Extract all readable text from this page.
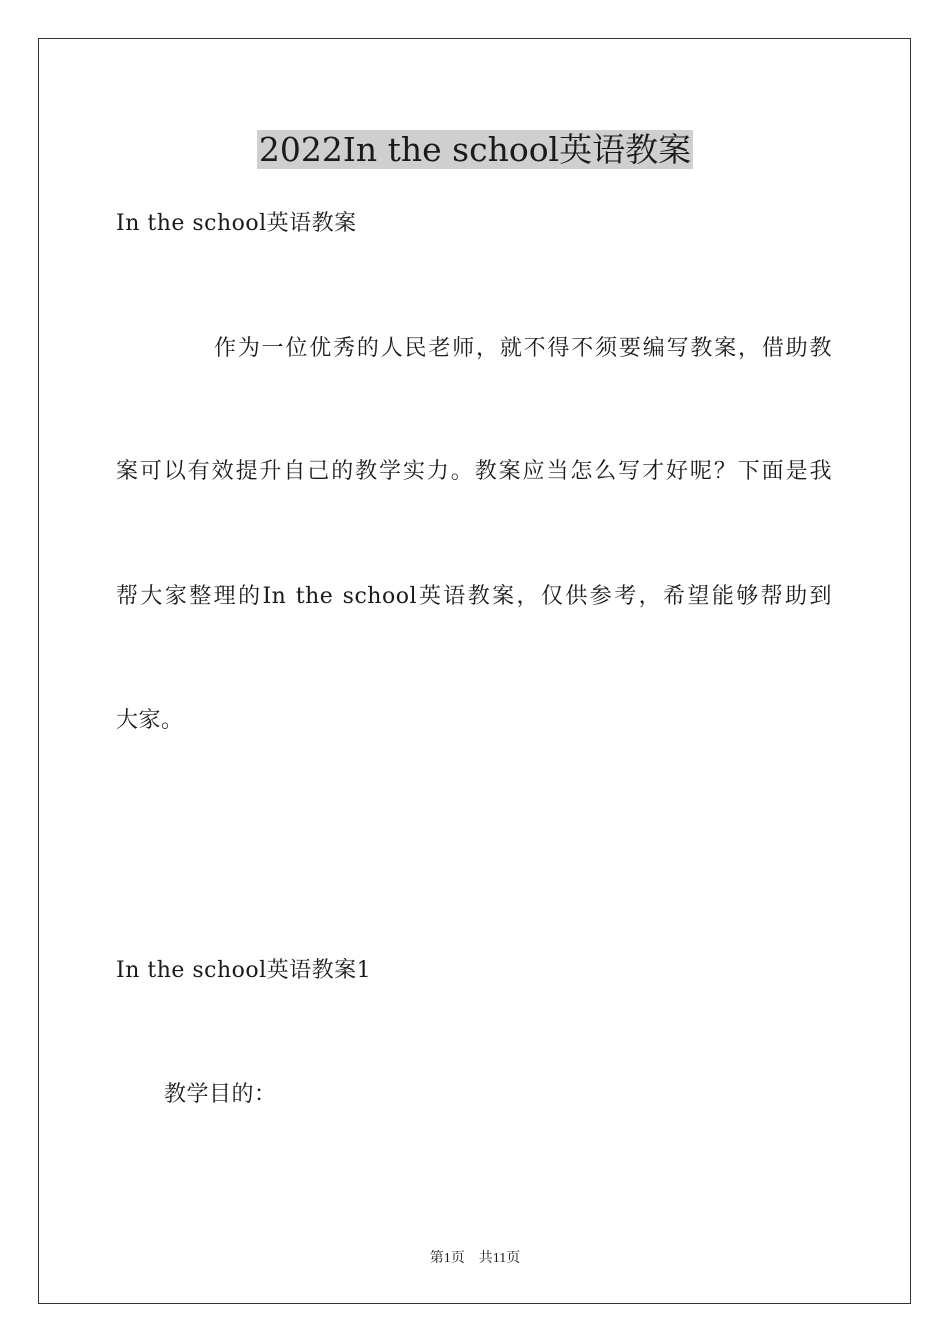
2022In the school英语教案
In the school英语教案
作为一位优秀的人民老师，就不得不须要编写教案，借助教
案可以有效提升自己的教学实力。教案应当怎么写才好呢？下面是我
帮大家整理的In the school英语教案，仅供参考，希望能够帮助到
大家。
In the school英语教案1
教学目的：
第1页　共11页
